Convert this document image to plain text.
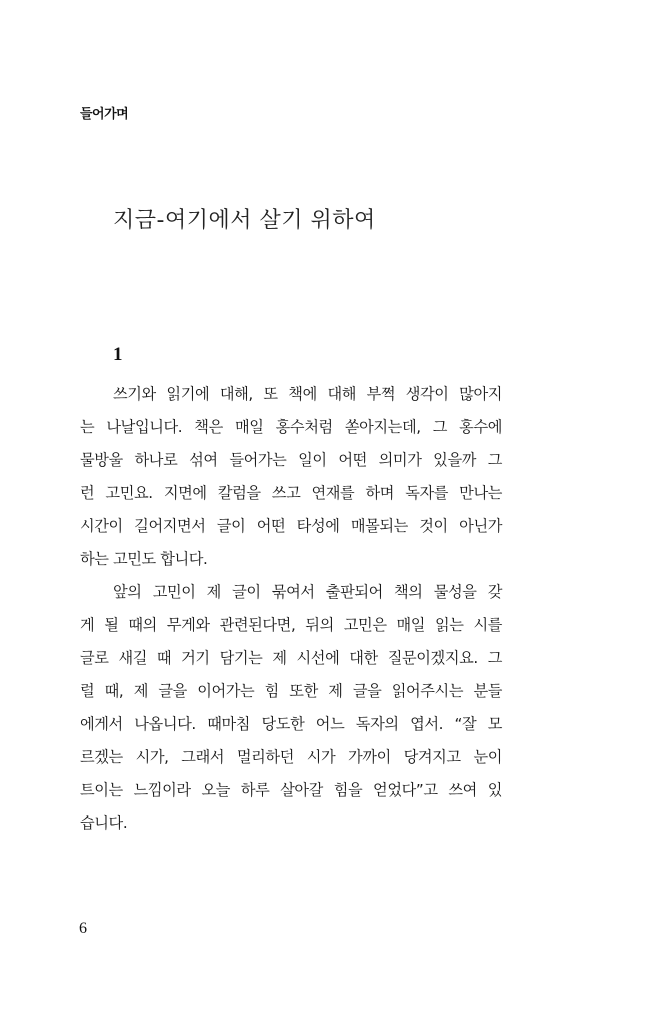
들어가며
지금-여기에서 살기 위하여
1
쓰기와 읽기에 대해, 또 책에 대해 부쩍 생각이 많아지
는 나날입니다. 책은 매일 홍수처럼 쏟아지는데, 그 홍수에
물방울 하나로 섞여 들어가는 일이 어떤 의미가 있을까 그
런 고민요. 지면에 칼럼을 쓰고 연재를 하며 독자를 만나는
시간이 길어지면서 글이 어떤 타성에 매몰되는 것이 아닌가
하는 고민도 합니다.
앞의 고민이 제 글이 묶여서 출판되어 책의 물성을 갖
게 될 때의 무게와 관련된다면, 뒤의 고민은 매일 읽는 시를
글로 새길 때 거기 담기는 제 시선에 대한 질문이겠지요. 그
럴 때, 제 글을 이어가는 힘 또한 제 글을 읽어주시는 분들
에게서 나옵니다. 때마침 당도한 어느 독자의 엽서. “잘 모
르겠는 시가, 그래서 멀리하던 시가 가까이 당겨지고 눈이
트이는 느낌이라 오늘 하루 살아갈 힘을 얻었다”고 쓰여 있
습니다.
6
